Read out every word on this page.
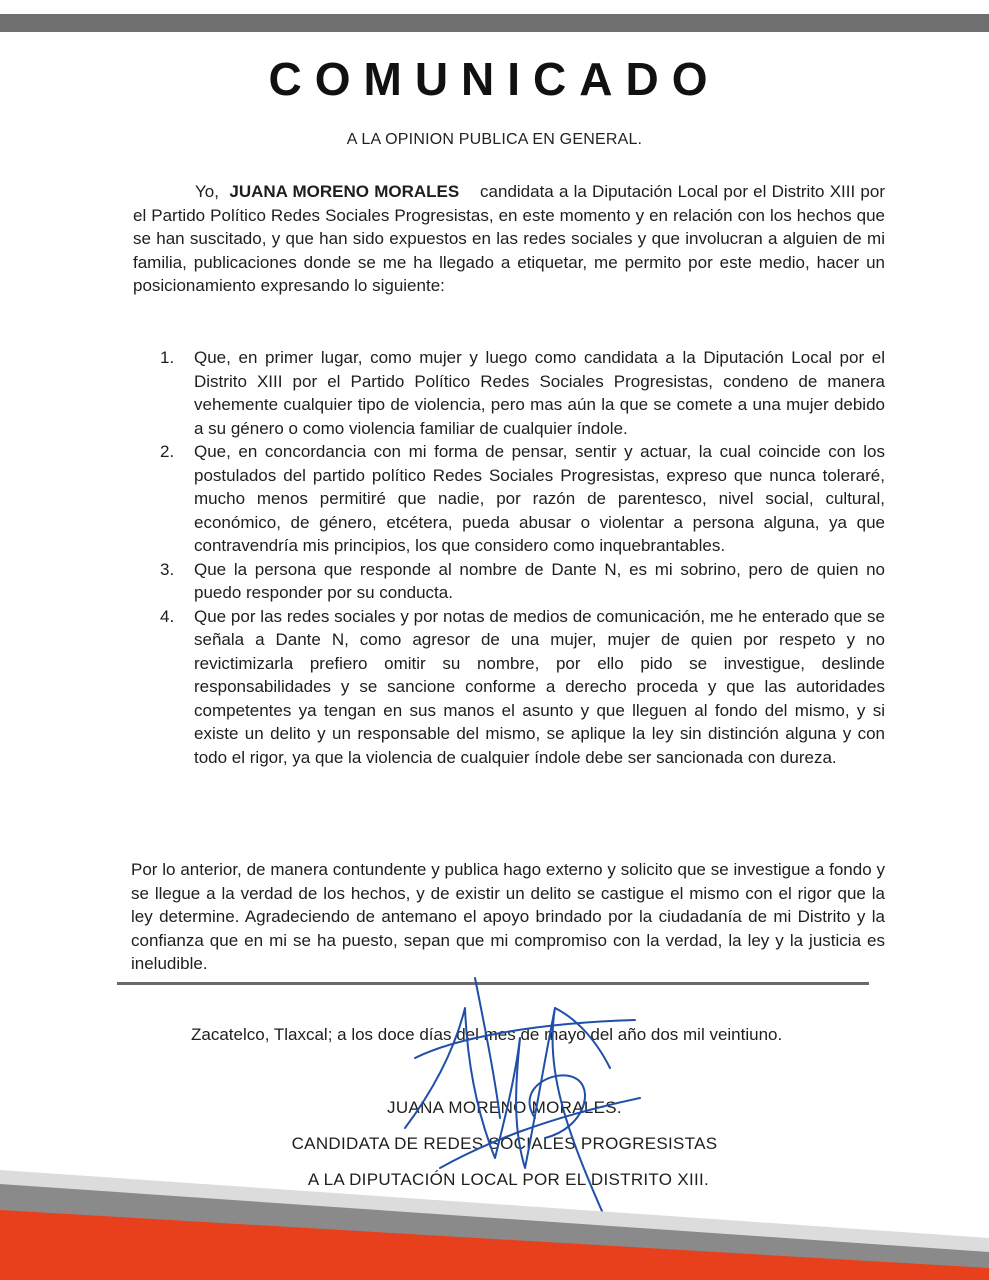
COMUNICADO
A LA OPINION PUBLICA EN GENERAL.
Yo, JUANA MORENO MORALES candidata a la Diputación Local por el Distrito XIII por el Partido Político Redes Sociales Progresistas, en este momento y en relación con los hechos que se han suscitado, y que han sido expuestos en las redes sociales y que involucran a alguien de mi familia, publicaciones donde se me ha llegado a etiquetar, me permito por este medio, hacer un posicionamiento expresando lo siguiente:
1. Que, en primer lugar, como mujer y luego como candidata a la Diputación Local por el Distrito XIII por el Partido Político Redes Sociales Progresistas, condeno de manera vehemente cualquier tipo de violencia, pero mas aún la que se comete a una mujer debido a su género o como violencia familiar de cualquier índole.
2. Que, en concordancia con mi forma de pensar, sentir y actuar, la cual coincide con los postulados del partido político Redes Sociales Progresistas, expreso que nunca toleraré, mucho menos permitiré que nadie, por razón de parentesco, nivel social, cultural, económico, de género, etcétera, pueda abusar o violentar a persona alguna, ya que contravendría mis principios, los que considero como inquebrantables.
3. Que la persona que responde al nombre de Dante N, es mi sobrino, pero de quien no puedo responder por su conducta.
4. Que por las redes sociales y por notas de medios de comunicación, me he enterado que se señala a Dante N, como agresor de una mujer, mujer de quien por respeto y no revictimizarla prefiero omitir su nombre, por ello pido se investigue, deslinde responsabilidades y se sancione conforme a derecho proceda y que las autoridades competentes ya tengan en sus manos el asunto y que lleguen al fondo del mismo, y si existe un delito y un responsable del mismo, se aplique la ley sin distinción alguna y con todo el rigor, ya que la violencia de cualquier índole debe ser sancionada con dureza.
Por lo anterior, de manera contundente y publica hago externo y solicito que se investigue a fondo y se llegue a la verdad de los hechos, y de existir un delito se castigue el mismo con el rigor que la ley determine. Agradeciendo de antemano el apoyo brindado por la ciudadanía de mi Distrito y la confianza que en mi se ha puesto, sepan que mi compromiso con la verdad, la ley y la justicia es ineludible.
Zacatelco, Tlaxcal; a los doce días del mes de mayo del año dos mil veintiuno.
JUANA MORENO MORALES.
CANDIDATA DE REDES SOCIALES PROGRESISTAS
A LA DIPUTACIÓN LOCAL POR EL DISTRITO XIII.
